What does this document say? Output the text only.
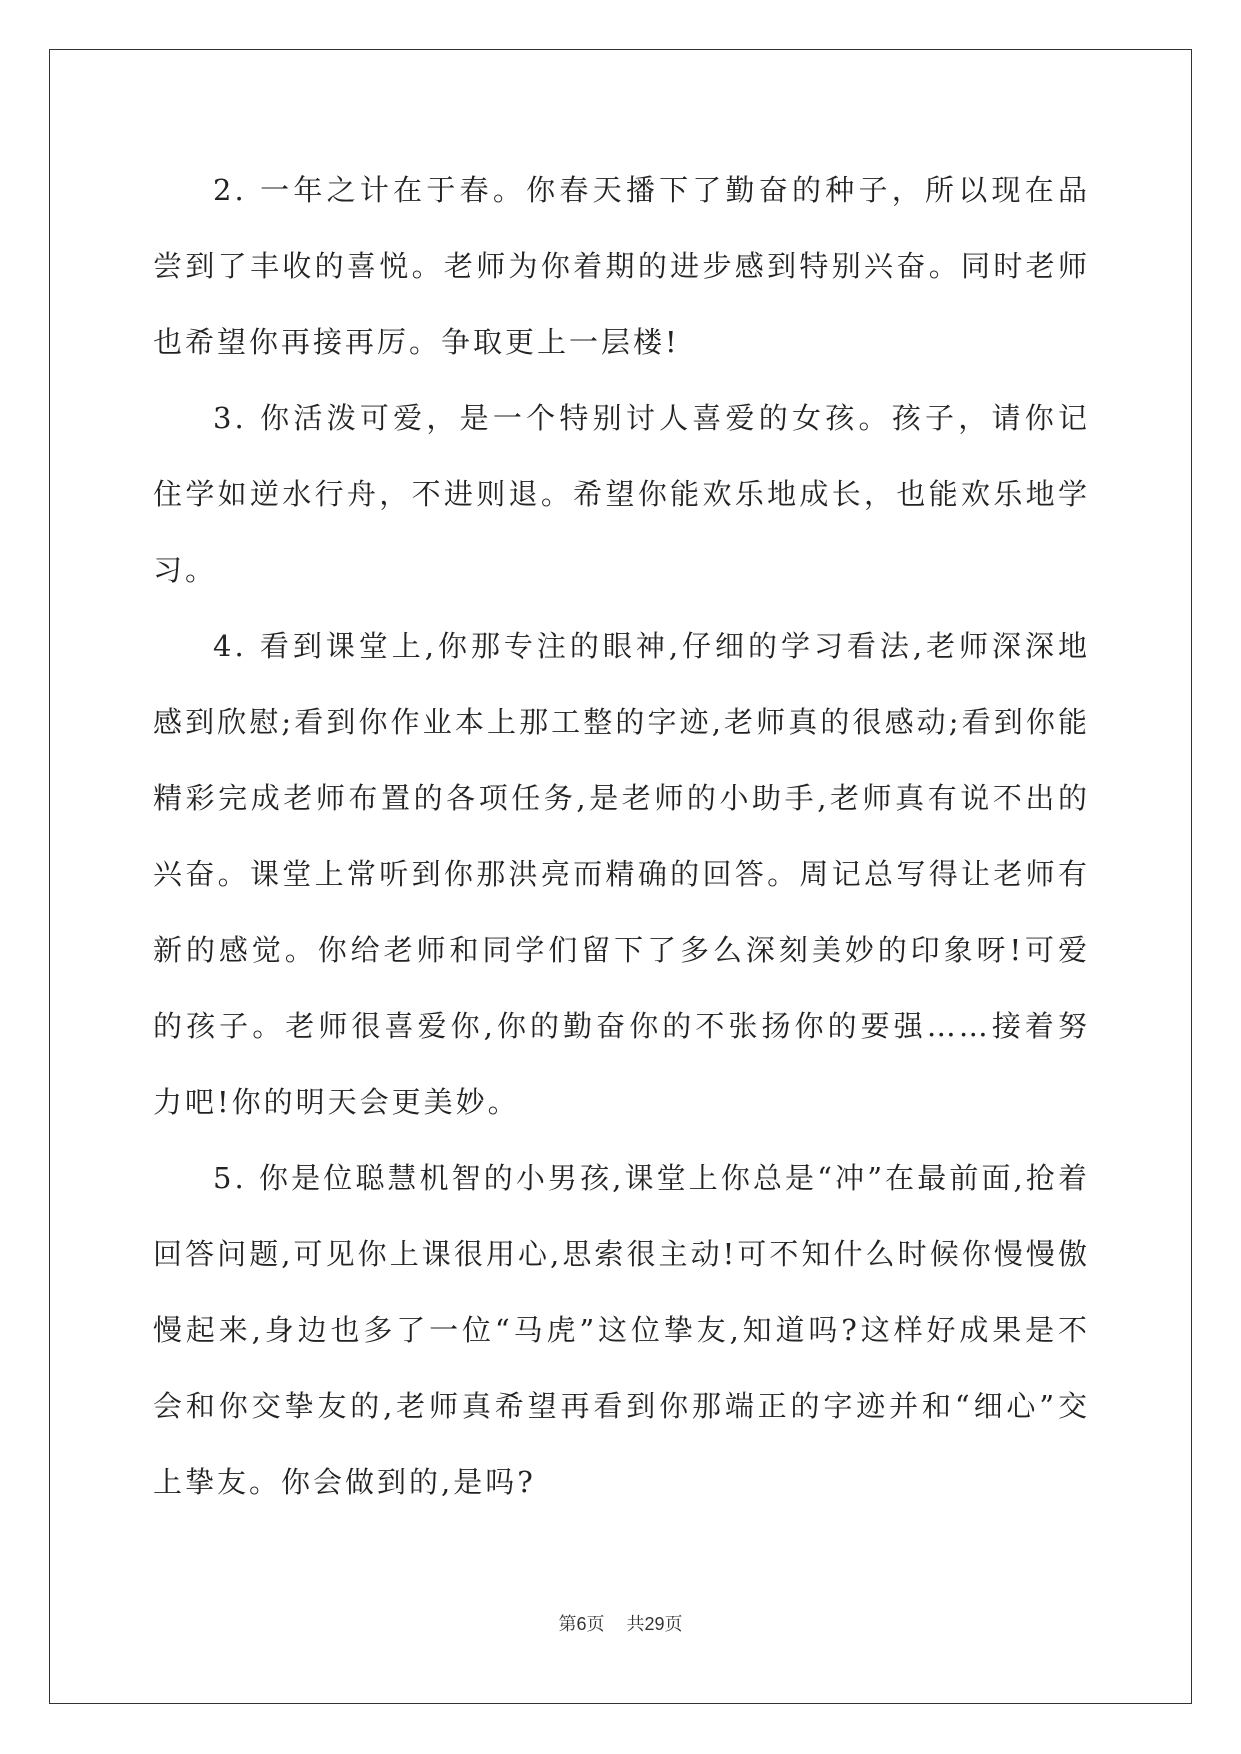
2. 一年之计在于春。你春天播下了勤奋的种子，所以现在品尝到了丰收的喜悦。老师为你着期的进步感到特别兴奋。同时老师也希望你再接再厉。争取更上一层楼!

3. 你活泼可爱，是一个特别讨人喜爱的女孩。孩子，请你记住学如逆水行舟，不进则退。希望你能欢乐地成长，也能欢乐地学习。

4. 看到课堂上,你那专注的眼神,仔细的学习看法,老师深深地感到欣慰;看到你作业本上那工整的字迹,老师真的很感动;看到你能精彩完成老师布置的各项任务,是老师的小助手,老师真有说不出的兴奋。课堂上常听到你那洪亮而精确的回答。周记总写得让老师有新的感觉。你给老师和同学们留下了多么深刻美妙的印象呀!可爱的孩子。老师很喜爱你,你的勤奋你的不张扬你的要强……接着努力吧!你的明天会更美妙。

5. 你是位聪慧机智的小男孩,课堂上你总是“冲”在最前面,抢着回答问题,可见你上课很用心,思索很主动!可不知什么时候你慢慢傲慢起来,身边也多了一位“马虎”这位挚友,知道吗?这样好成果是不会和你交挚友的,老师真希望再看到你那端正的字迹并和“细心”交上挚友。你会做到的,是吗?

第6页 共29页
